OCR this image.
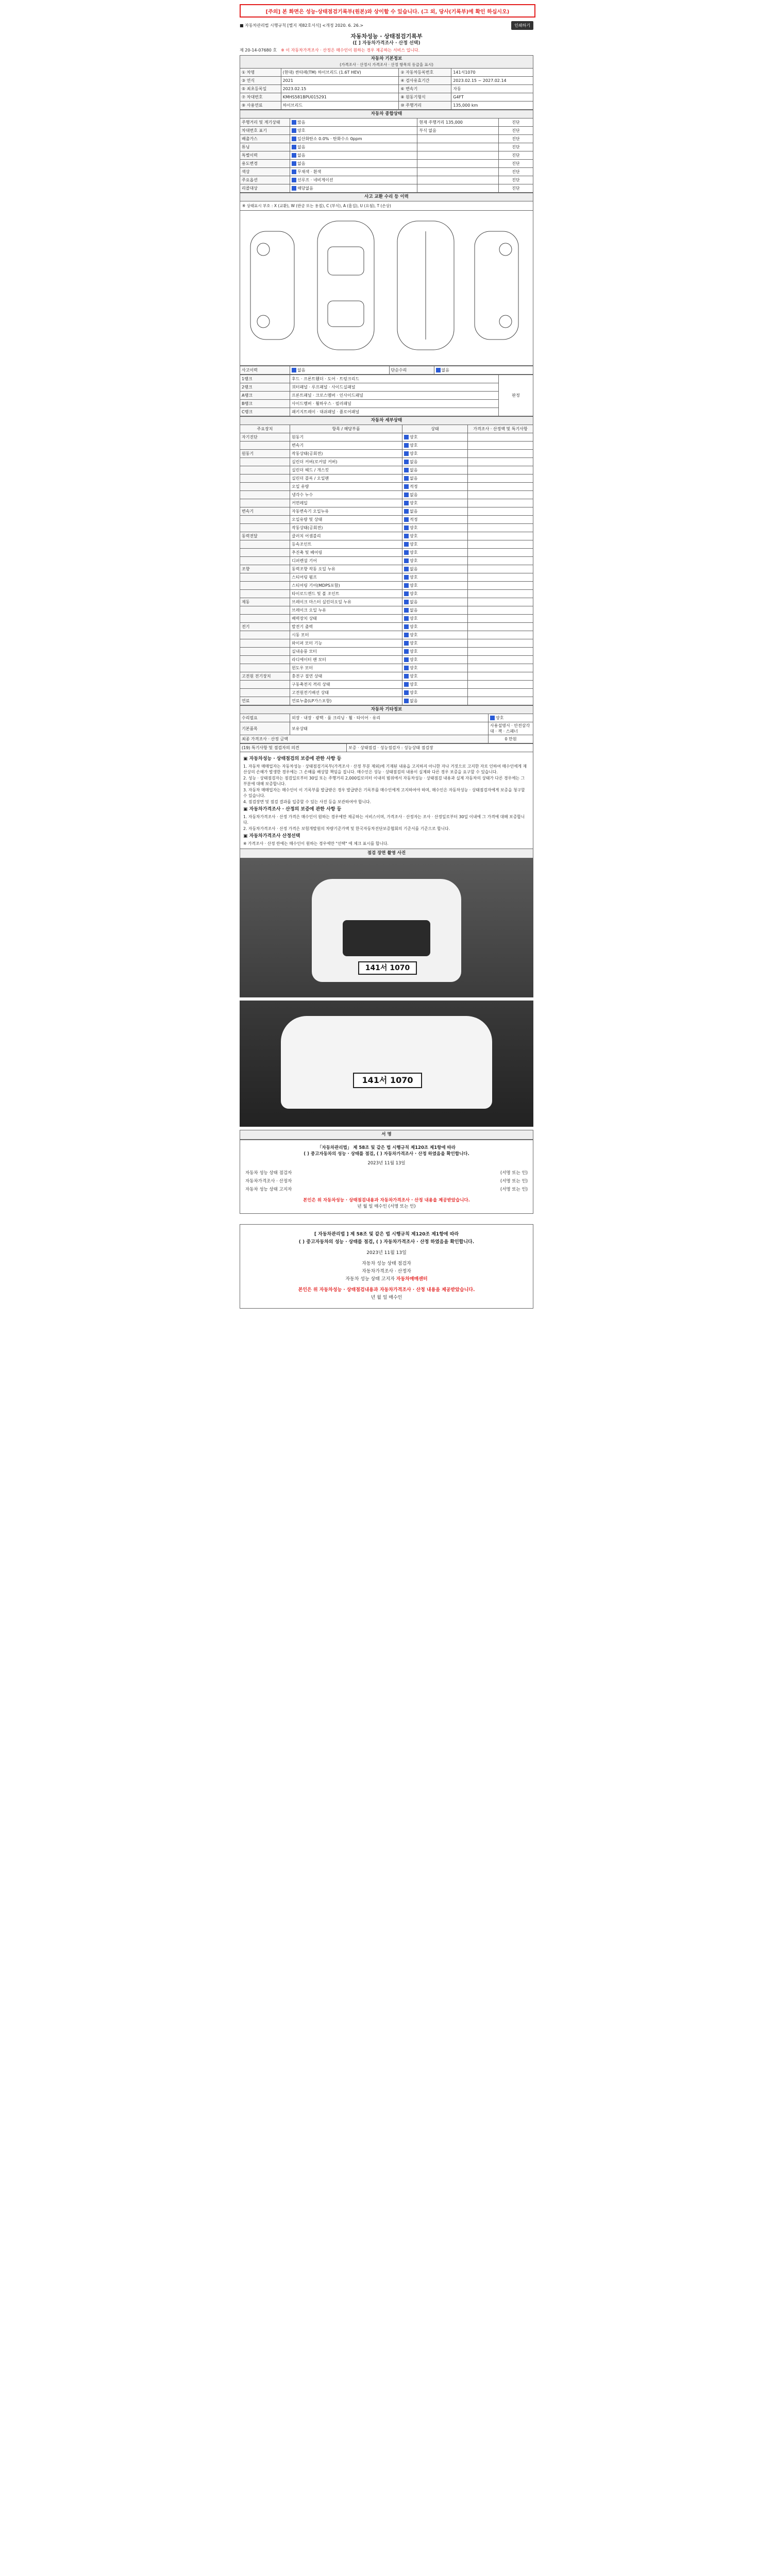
[주의] 본 화면은 성능·상태점검기록부(원본)와 상이할 수 있습니다. (그 외, 당사(기록부)에 확인 하십시오)
■ 자동차관리법 시행규칙 [별지 제82호서식] <개정 2020. 6. 26.>	인쇄하기
자동차성능 · 상태점검기록부
([ ] 자동차가격조사 · 산정 선택)
제 20-14-07680 호 ※ 이 자동차가격조사 · 산정은 매수인이 원하는 경우 제공하는 서비스 입니다.
자동차 기본정보
(가격조사 · 산정시 가격조사 · 산정 항목의 등급을 표시)			

① 차명	(현대) 싼타페(TM) 하이브리드 (1.6T HEV)	② 자동차등록번호	141서1070
③ 연식	2021	④ 검사유효기간	2023.02.15 ~ 2027.02.14
⑤ 최초등록일	2023.02.15	⑥ 변속기	자동
⑦ 차대번호	KMHS581BPU015291	⑧ 원동기형식	G4FT
⑨ 사용연료	하이브리드	⑩ 주행거리	135,000 km
자동차 종합상태			
주행거리 및 계기상태	많음	현재 주행거리 135,000	진단
차대번호 표기	양호	부식 없음	진단
배출가스	일산화탄소 0.0% · 탄화수소 0ppm		진단
튜닝	없음		진단
특별이력	없음		진단
용도변경	없음		진단
색상	무채색 · 흰색		진단
주요옵션	선루프 · 네비게이션		진단
리콜대상	해당없음		진단
사고 교환 수리 등 이력
※ 상태표시 부호 : X (교환), W (판금 또는 용접), C (부식), A (흠집), U (요철), T (손상)
사고이력	없음	단순수리	없음
1랭크	후드 · 프론트휀더 · 도어 · 트렁크리드	판정
2랭크	쿼터패널 · 루프패널 · 사이드실패널	
A랭크	프론트패널 · 크로스멤버 · 인사이드패널	
B랭크	사이드멤버 · 휠하우스 · 필러패널	
C랭크	패키지트레이 · 대쉬패널 · 플로어패널	
자동차 세부상태			
주요장치	항목 / 해당부품	상태	가격조사 · 산정액 및 특기사항
자기진단	원동기	양호	
	변속기	양호	
원동기	작동상태(공회전)	양호	
	실린더 커버(로커암 커버)	없음	
	실린더 헤드 / 개스킷	없음	
	실린더 블록 / 오일팬	없음	
	오일 유량	적정	
	냉각수 누수	없음	
	커먼레일	양호	
변속기	자동변속기 오일누유	없음	
	오일유량 및 상태	적정	
	작동상태(공회전)	양호	
동력전달	클러치 어셈블리	양호	
	등속조인트	양호	
	추진축 및 베어링	양호	
	디퍼렌셜 기어	양호	
조향	동력조향 작동 오일 누유	없음	
	스티어링 펌프	양호	
	스티어링 기어(MDPS포함)	양호	
	타이로드엔드 및 볼 조인트	양호	
제동	브레이크 마스터 실린더오일 누유	없음	
	브레이크 오일 누유	없음	
	배력장치 상태	양호	
전기	발전기 출력	양호	
	시동 모터	양호	
	와이퍼 모터 기능	양호	
	실내송풍 모터	양호	
	라디에이터 팬 모터	양호	
	윈도우 모터	양호	
고전원 전기장치	충전구 절연 상태	양호	
	구동축전지 격리 상태	양호	
	고전원전기배선 상태	양호	
연료	연료누출(LP가스포함)	없음	
자동차 기타정보		
수리필요	외장 · 내장 · 광택 · 룸 크리닝 · 휠 · 타이어 · 유리	양호
기본품목	보유상태	사용설명서 · 안전삼각대 · 잭 · 스패너
최종 가격조사 · 산정 금액		0 만원
(19) 특기사항 및 점검자의 의견	보증 · 상태점검 · 성능점검자 : 성능상태 점검장
▣ 자동차성능 · 상태점검의 보증에 관한 사항 등
1. 자동차 매매업자는 자동차성능 · 상태점검기록부(가격조사 · 산정 부분 제외)에 기재된 내용을 고지하지 아니한 자나 거짓으로 고지한 자로 인하여 매수인에게 재산상의 손해가 발생한 경우에는 그 손해를 배상할 책임을 집니다. 매수인은 성능 · 상태점검의 내용이 실제와 다른 경우 보증을 요구할 수 있습니다.
2. 성능 · 상태점검자는 점검일로부터 30일 또는 주행거리 2,000킬로미터 이내의 범위에서 자동차성능 · 상태점검 내용과 실제 자동차의 상태가 다른 경우에는 그 부분에 대해 보증합니다.
3. 자동차 매매업자는 매수인이 이 기록부를 발급받은 경우 발급받은 기록부를 매수인에게 고지하여야 하며, 매수인은 자동차성능 · 상태점검자에게 보증을 청구할 수 있습니다.
4. 점검장면 및 점검 결과를 입증할 수 있는 사진 등을 보관하여야 합니다.
▣ 자동차가격조사 · 산정의 보증에 관한 사항 등
1. 자동차가격조사 · 산정 가격은 매수인이 원하는 경우에만 제공하는 서비스이며, 가격조사 · 산정자는 조사 · 산정일로부터 30일 이내에 그 가격에 대해 보증합니다.
2. 자동차가격조사 · 산정 가격은 보험개발원의 차량기준가액 및 한국자동차진단보증협회의 기준서를 기준으로 합니다.
▣ 자동차가격조사 산정선택
※ 가격조사 · 산정 란에는 매수인이 원하는 경우에만 "선택" 에 체크 표시를 합니다.
점검 장면 촬영 사진
141서 1070
141서 1070
서 명
「자동차관리법」 제 58조 및 같은 법 시행규칙 제120조 제1항에 따라
( ) 중고자동차의 성능 · 상태를 점검, ( ) 자동차가격조사 · 산정 하였음을 확인합니다.
2023년 11월 13일
자동차 성능 상태 점검자	(서명 또는 인)
자동차가격조사 · 산정자	(서명 또는 인)
자동차 성능 상태 고지자	(서명 또는 인)
본인은 위 자동차성능 · 상태점검내용과 자동차가격조사 · 산정 내용을 제공받았습니다.
년 월 일 매수인 (서명 또는 인)
[ 자동차관리법 ] 제 58조 및 같은 법 시행규칙 제120조 제1항에 따라
( ) 중고자동차의 성능 · 상태를 점검, ( ) 자동차가격조사 · 산정 하였음을 확인합니다.
2023년 11월 13일
자동차 성능 상태 점검자
자동차가격조사 · 산정자
자동차 성능 상태 고지자 자동차매매센터
본인은 위 자동차성능 · 상태점검내용과 자동차가격조사 · 산정 내용을 제공받았습니다.
년 월 일 매수인
